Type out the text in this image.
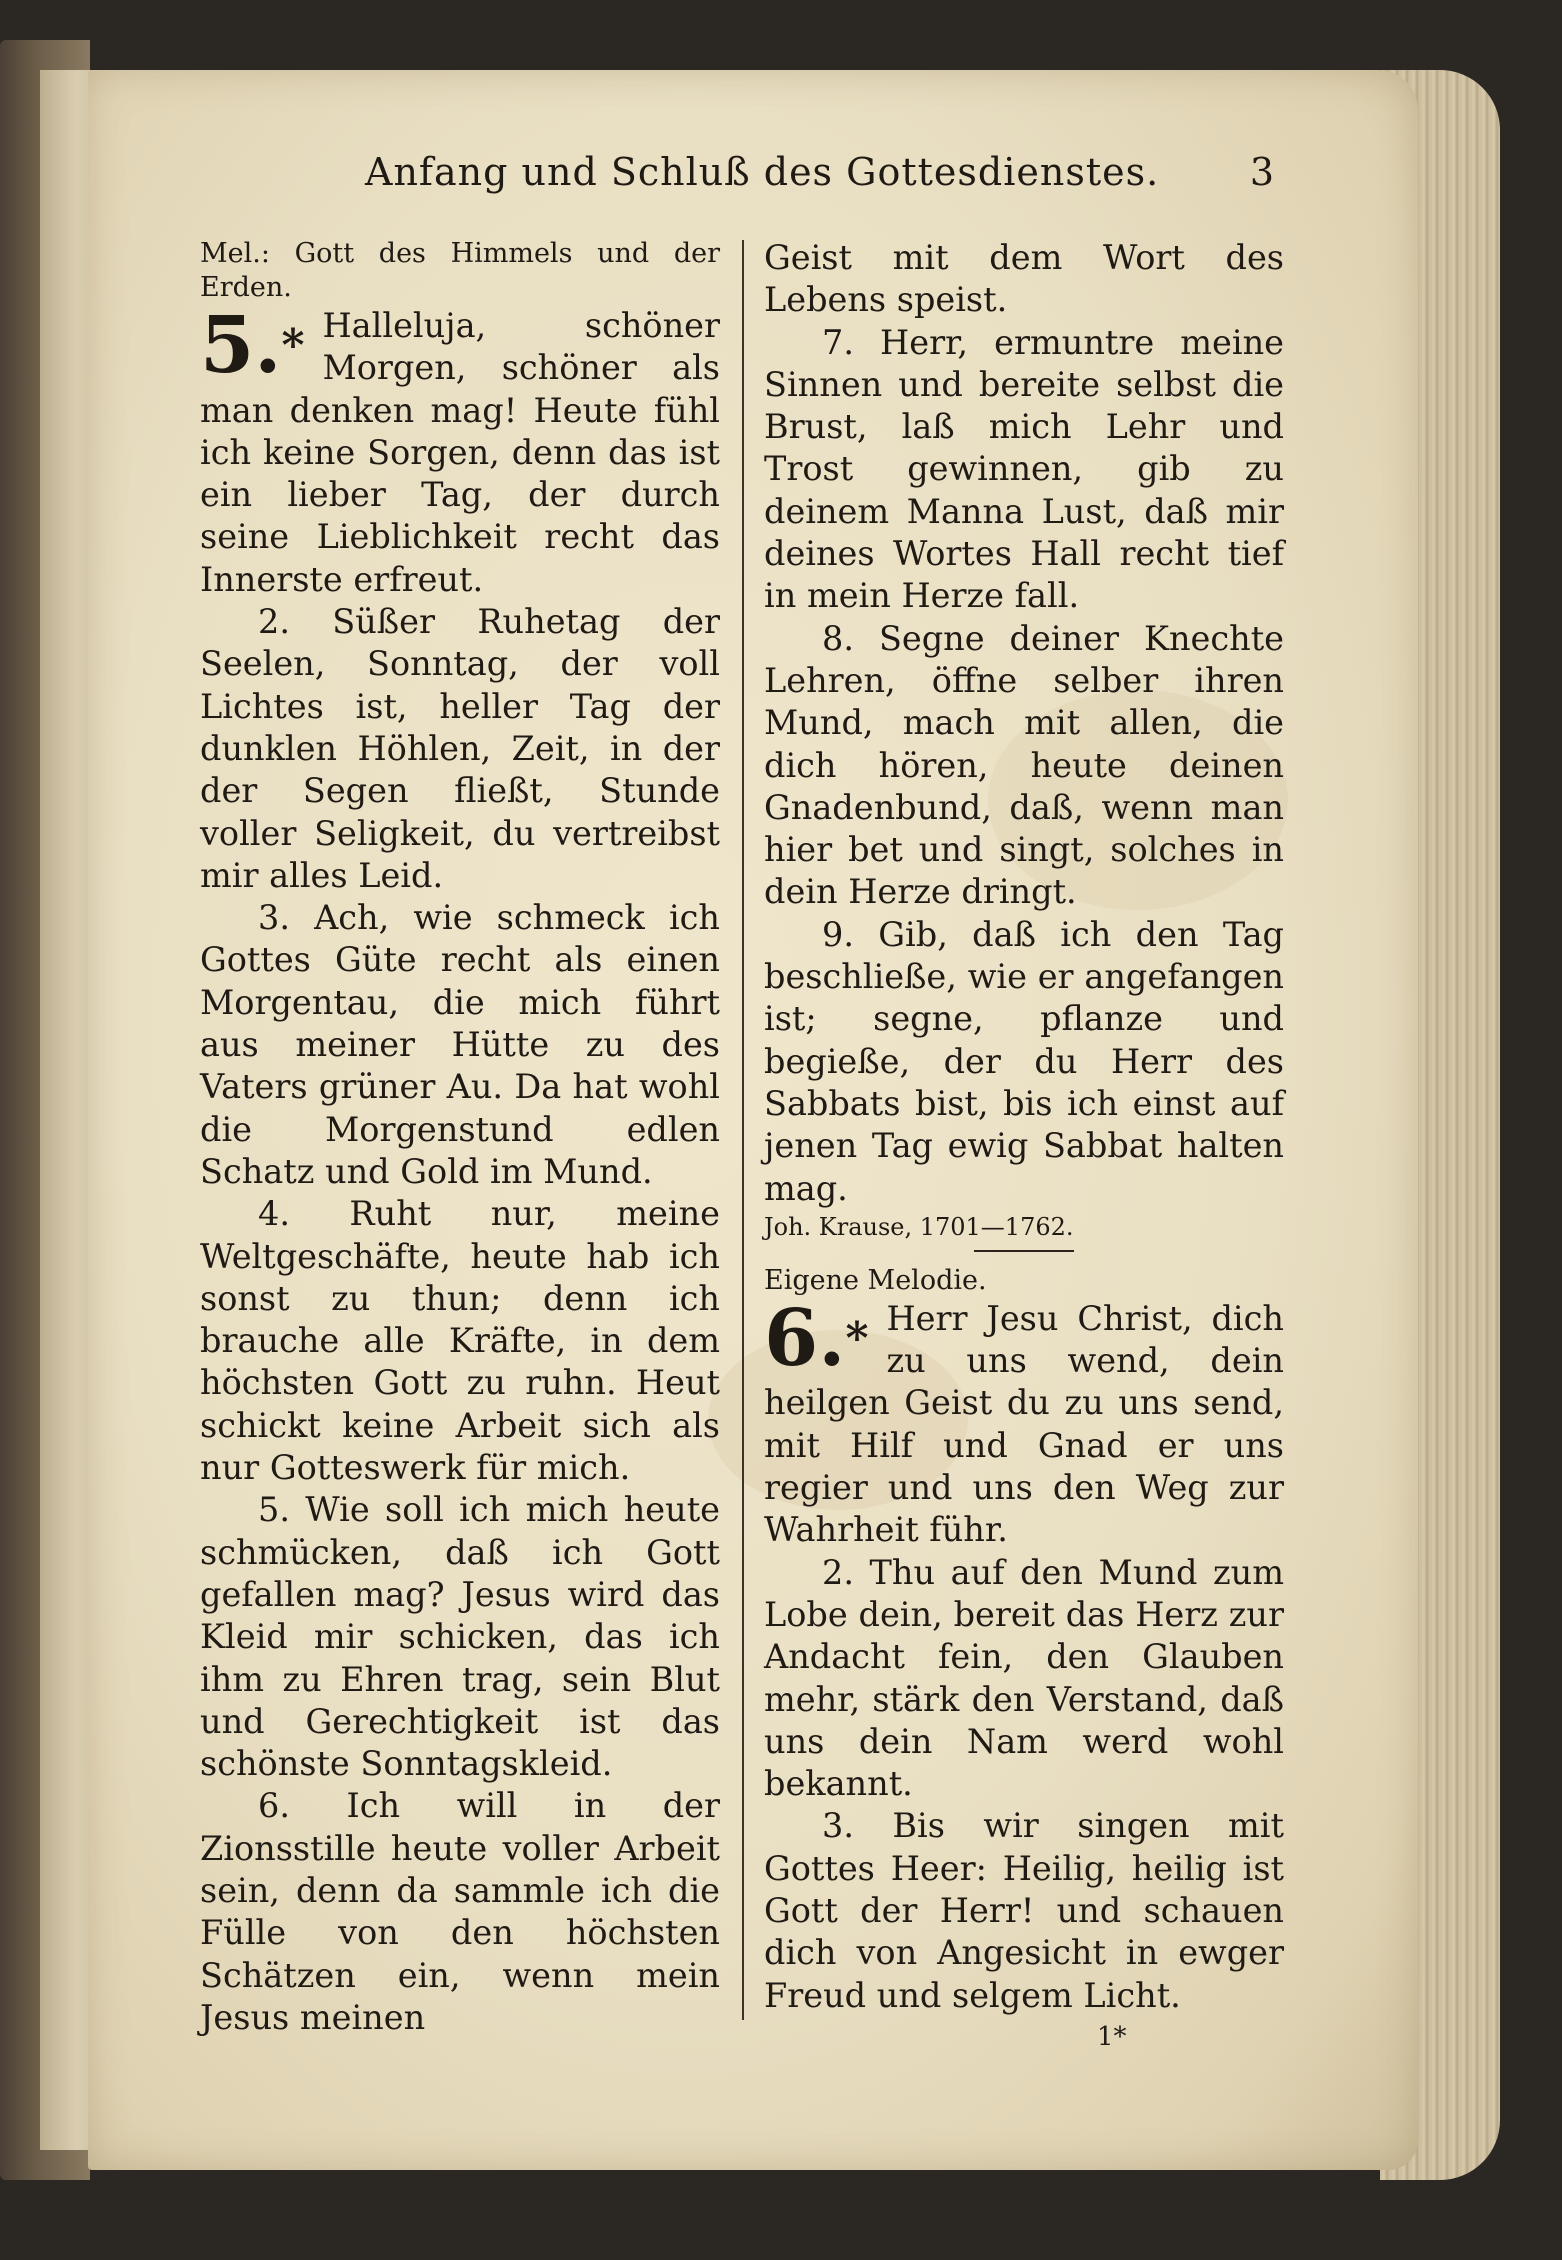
Anfang und Schluß des Gottesdienstes. 3

Mel.: Gott des Himmels und der Erden.

5.* Halleluja, schöner Morgen, schöner als man denken mag! Heute fühl ich keine Sorgen, denn das ist ein lieber Tag, der durch seine Lieblichkeit recht das Innerste erfreut.

2. Süßer Ruhetag der Seelen, Sonntag, der voll Lichtes ist, heller Tag der dunklen Höhlen, Zeit, in der der Segen fließt, Stunde voller Seligkeit, du vertreibst mir alles Leid.

3. Ach, wie schmeck ich Gottes Güte recht als einen Morgentau, die mich führt aus meiner Hütte zu des Vaters grüner Au. Da hat wohl die Morgenstund edlen Schatz und Gold im Mund.

4. Ruht nur, meine Weltgeschäfte, heute hab ich sonst zu thun; denn ich brauche alle Kräfte, in dem höchsten Gott zu ruhn. Heut schickt keine Arbeit sich als nur Gotteswerk für mich.

5. Wie soll ich mich heute schmücken, daß ich Gott gefallen mag? Jesus wird das Kleid mir schicken, das ich ihm zu Ehren trag, sein Blut und Gerechtigkeit ist das schönste Sonntagskleid.

6. Ich will in der Zionsstille heute voller Arbeit sein, denn da sammle ich die Fülle von den höchsten Schätzen ein, wenn mein Jesus meinen

Geist mit dem Wort des Lebens speist.

7. Herr, ermuntre meine Sinnen und bereite selbst die Brust, laß mich Lehr und Trost gewinnen, gib zu deinem Manna Lust, daß mir deines Wortes Hall recht tief in mein Herze fall.

8. Segne deiner Knechte Lehren, öffne selber ihren Mund, mach mit allen, die dich hören, heute deinen Gnadenbund, daß, wenn man hier bet und singt, solches in dein Herze dringt.

9. Gib, daß ich den Tag beschließe, wie er angefangen ist; segne, pflanze und begieße, der du Herr des Sabbats bist, bis ich einst auf jenen Tag ewig Sabbat halten mag.

Joh. Krause, 1701—1762.

Eigene Melodie.

6.* Herr Jesu Christ, dich zu uns wend, dein heilgen Geist du zu uns send, mit Hilf und Gnad er uns regier und uns den Weg zur Wahrheit führ.

2. Thu auf den Mund zum Lobe dein, bereit das Herz zur Andacht fein, den Glauben mehr, stärk den Verstand, daß uns dein Nam werd wohl bekannt.

3. Bis wir singen mit Gottes Heer: Heilig, heilig ist Gott der Herr! und schauen dich von Angesicht in ewger Freud und selgem Licht.

1*
